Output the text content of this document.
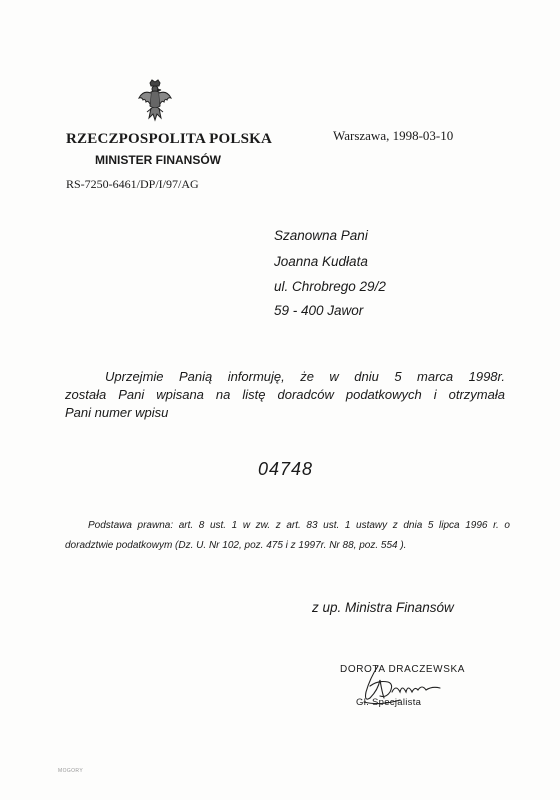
RZECZPOSPOLITA POLSKA
MINISTER FINANSÓW
RS-7250-6461/DP/I/97/AG
Warszawa, 1998-03-10
Szanowna Pani
Joanna Kudłata
ul. Chrobrego 29/2
59 - 400 Jawor
Uprzejmie Panią informuję, że w dniu 5 marca 1998r.
została Pani wpisana na listę doradców podatkowych i otrzymała
Pani numer wpisu
04748
Podstawa prawna: art. 8 ust. 1 w zw. z art. 83 ust. 1 ustawy z dnia 5 lipca 1996 r. o
doradztwie podatkowym (Dz. U. Nr 102, poz. 475 i z 1997r. Nr 88, poz. 554 ).
z up. Ministra Finansów
DOROTA DRACZEWSKA
Gł. Specjalista
MOGORY
